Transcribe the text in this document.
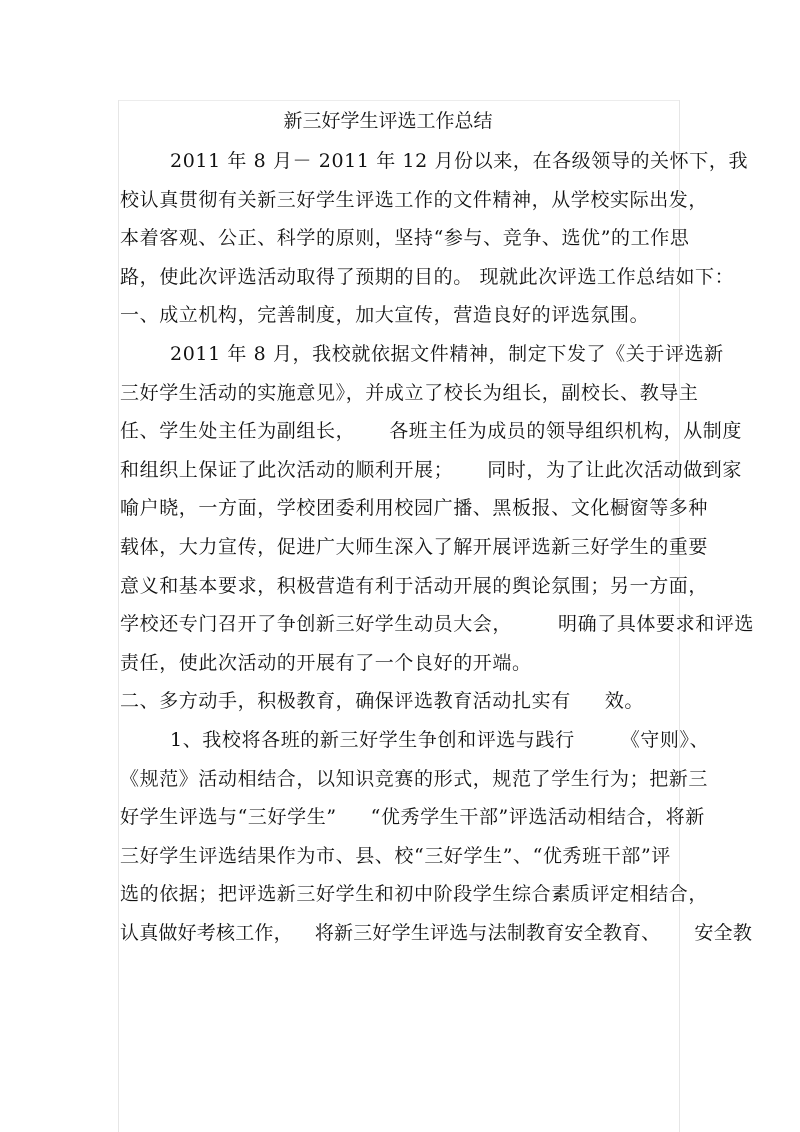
新三好学生评选工作总结
2011 年 8 月－ 2011 年 12 月份以来，在各级领导的关怀下，我
校认真贯彻有关新三好学生评选工作的文件精神，从学校实际出发，
本着客观、公正、科学的原则，坚持“参与、竞争、选优”的工作思
路，使此次评选活动取得了预期的目的。 现就此次评选工作总结如下：
一、成立机构，完善制度，加大宣传，营造良好的评选氛围。
2011 年 8 月，我校就依据文件精神，制定下发了《关于评选新
三好学生活动的实施意见》，并成立了校长为组长，副校长、教导主
任、学生处主任为副组长， 各班主任为成员的领导组织机构，从制度
和组织上保证了此次活动的顺利开展； 同时，为了让此次活动做到家
喻户晓，一方面，学校团委利用校园广播、黑板报、文化橱窗等多种
载体，大力宣传，促进广大师生深入了解开展评选新三好学生的重要
意义和基本要求，积极营造有利于活动开展的舆论氛围；另一方面，
学校还专门召开了争创新三好学生动员大会， 明确了具体要求和评选
责任，使此次活动的开展有了一个良好的开端。
二、多方动手，积极教育，确保评选教育活动扎实有 效。
1、我校将各班的新三好学生争创和评选与践行 《守则》、
《规范》活动相结合，以知识竞赛的形式，规范了学生行为；把新三
好学生评选与“三好学生” “优秀学生干部”评选活动相结合，将新
三好学生评选结果作为市、县、校“三好学生”、“优秀班干部”评
选的依据；把评选新三好学生和初中阶段学生综合素质评定相结合，
认真做好考核工作， 将新三好学生评选与法制教育安全教育、 安全教
